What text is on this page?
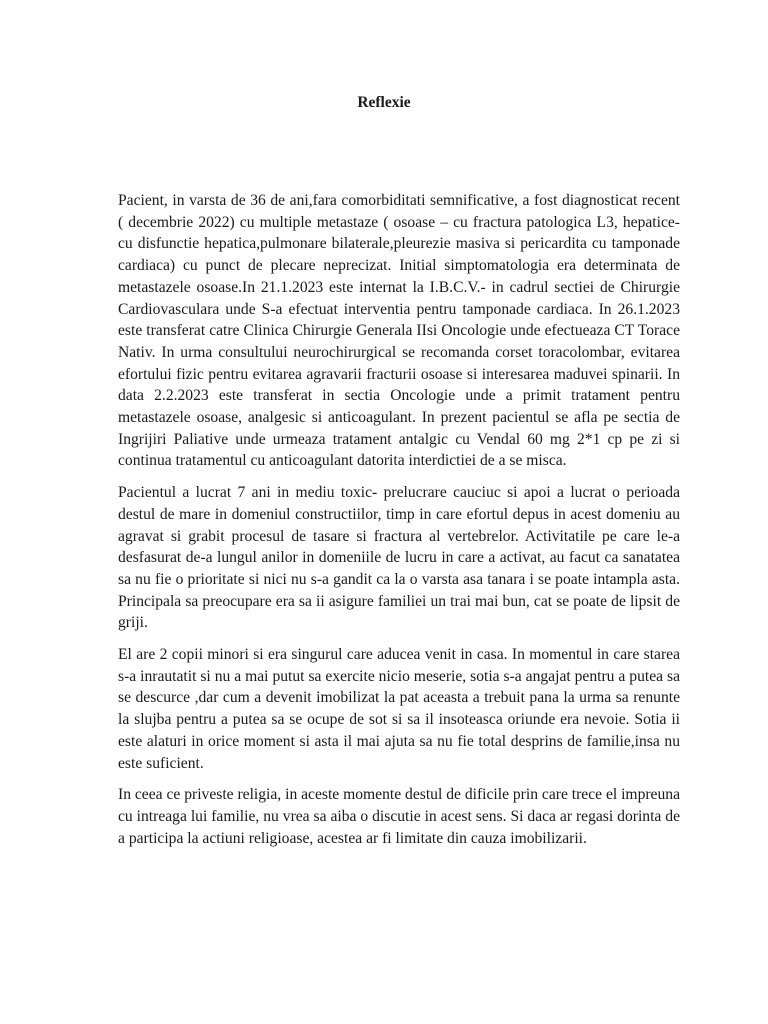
Reflexie

Pacient, in varsta de 36 de ani,fara comorbiditati semnificative, a fost diagnosticat recent ( decembrie 2022) cu multiple metastaze ( osoase – cu fractura patologica L3, hepatice- cu disfunctie hepatica,pulmonare bilaterale,pleurezie masiva si pericardita cu tamponade cardiaca) cu punct de plecare neprecizat. Initial simptomatologia era determinata de metastazele osoase.In 21.1.2023 este internat la I.B.C.V.- in cadrul sectiei de Chirurgie Cardiovasculara unde S-a efectuat interventia pentru tamponade cardiaca. In 26.1.2023 este transferat catre Clinica Chirurgie Generala IIsi Oncologie unde efectueaza CT Torace Nativ. In urma consultului neurochirurgical se recomanda corset toracolombar, evitarea efortului fizic pentru evitarea agravarii fracturii osoase si interesarea maduvei spinarii. In data 2.2.2023 este transferat in sectia Oncologie unde a primit tratament pentru metastazele osoase, analgesic si anticoagulant. In prezent pacientul se afla pe sectia de Ingrijiri Paliative unde urmeaza tratament antalgic cu Vendal 60 mg 2*1 cp pe zi si continua tratamentul cu anticoagulant datorita interdictiei de a se misca.

Pacientul a lucrat 7 ani in mediu toxic- prelucrare cauciuc si apoi a lucrat o perioada destul de mare in domeniul constructiilor, timp in care efortul depus in acest domeniu au agravat si grabit procesul de tasare si fractura al vertebrelor. Activitatile pe care le-a desfasurat de-a lungul anilor in domeniile de lucru in care a activat, au facut ca sanatatea sa nu fie o prioritate si nici nu s-a gandit ca la o varsta asa tanara i se poate intampla asta. Principala sa preocupare era sa ii asigure familiei un trai mai bun, cat se poate de lipsit de griji.

El are 2 copii minori si era singurul care aducea venit in casa. In momentul in care starea s-a inrautatit si nu a mai putut sa exercite nicio meserie, sotia s-a angajat pentru a putea sa se descurce ,dar cum a devenit imobilizat la pat aceasta a trebuit pana la urma sa renunte la slujba pentru a putea sa se ocupe de sot si sa il insoteasca oriunde era nevoie. Sotia ii este alaturi in orice moment si asta il mai ajuta sa nu fie total desprins de familie,insa nu este suficient.

In ceea ce priveste religia, in aceste momente destul de dificile prin care trece el impreuna cu intreaga lui familie, nu vrea sa aiba o discutie in acest sens. Si daca ar regasi dorinta de a participa la actiuni religioase, acestea ar fi limitate din cauza imobilizarii.
